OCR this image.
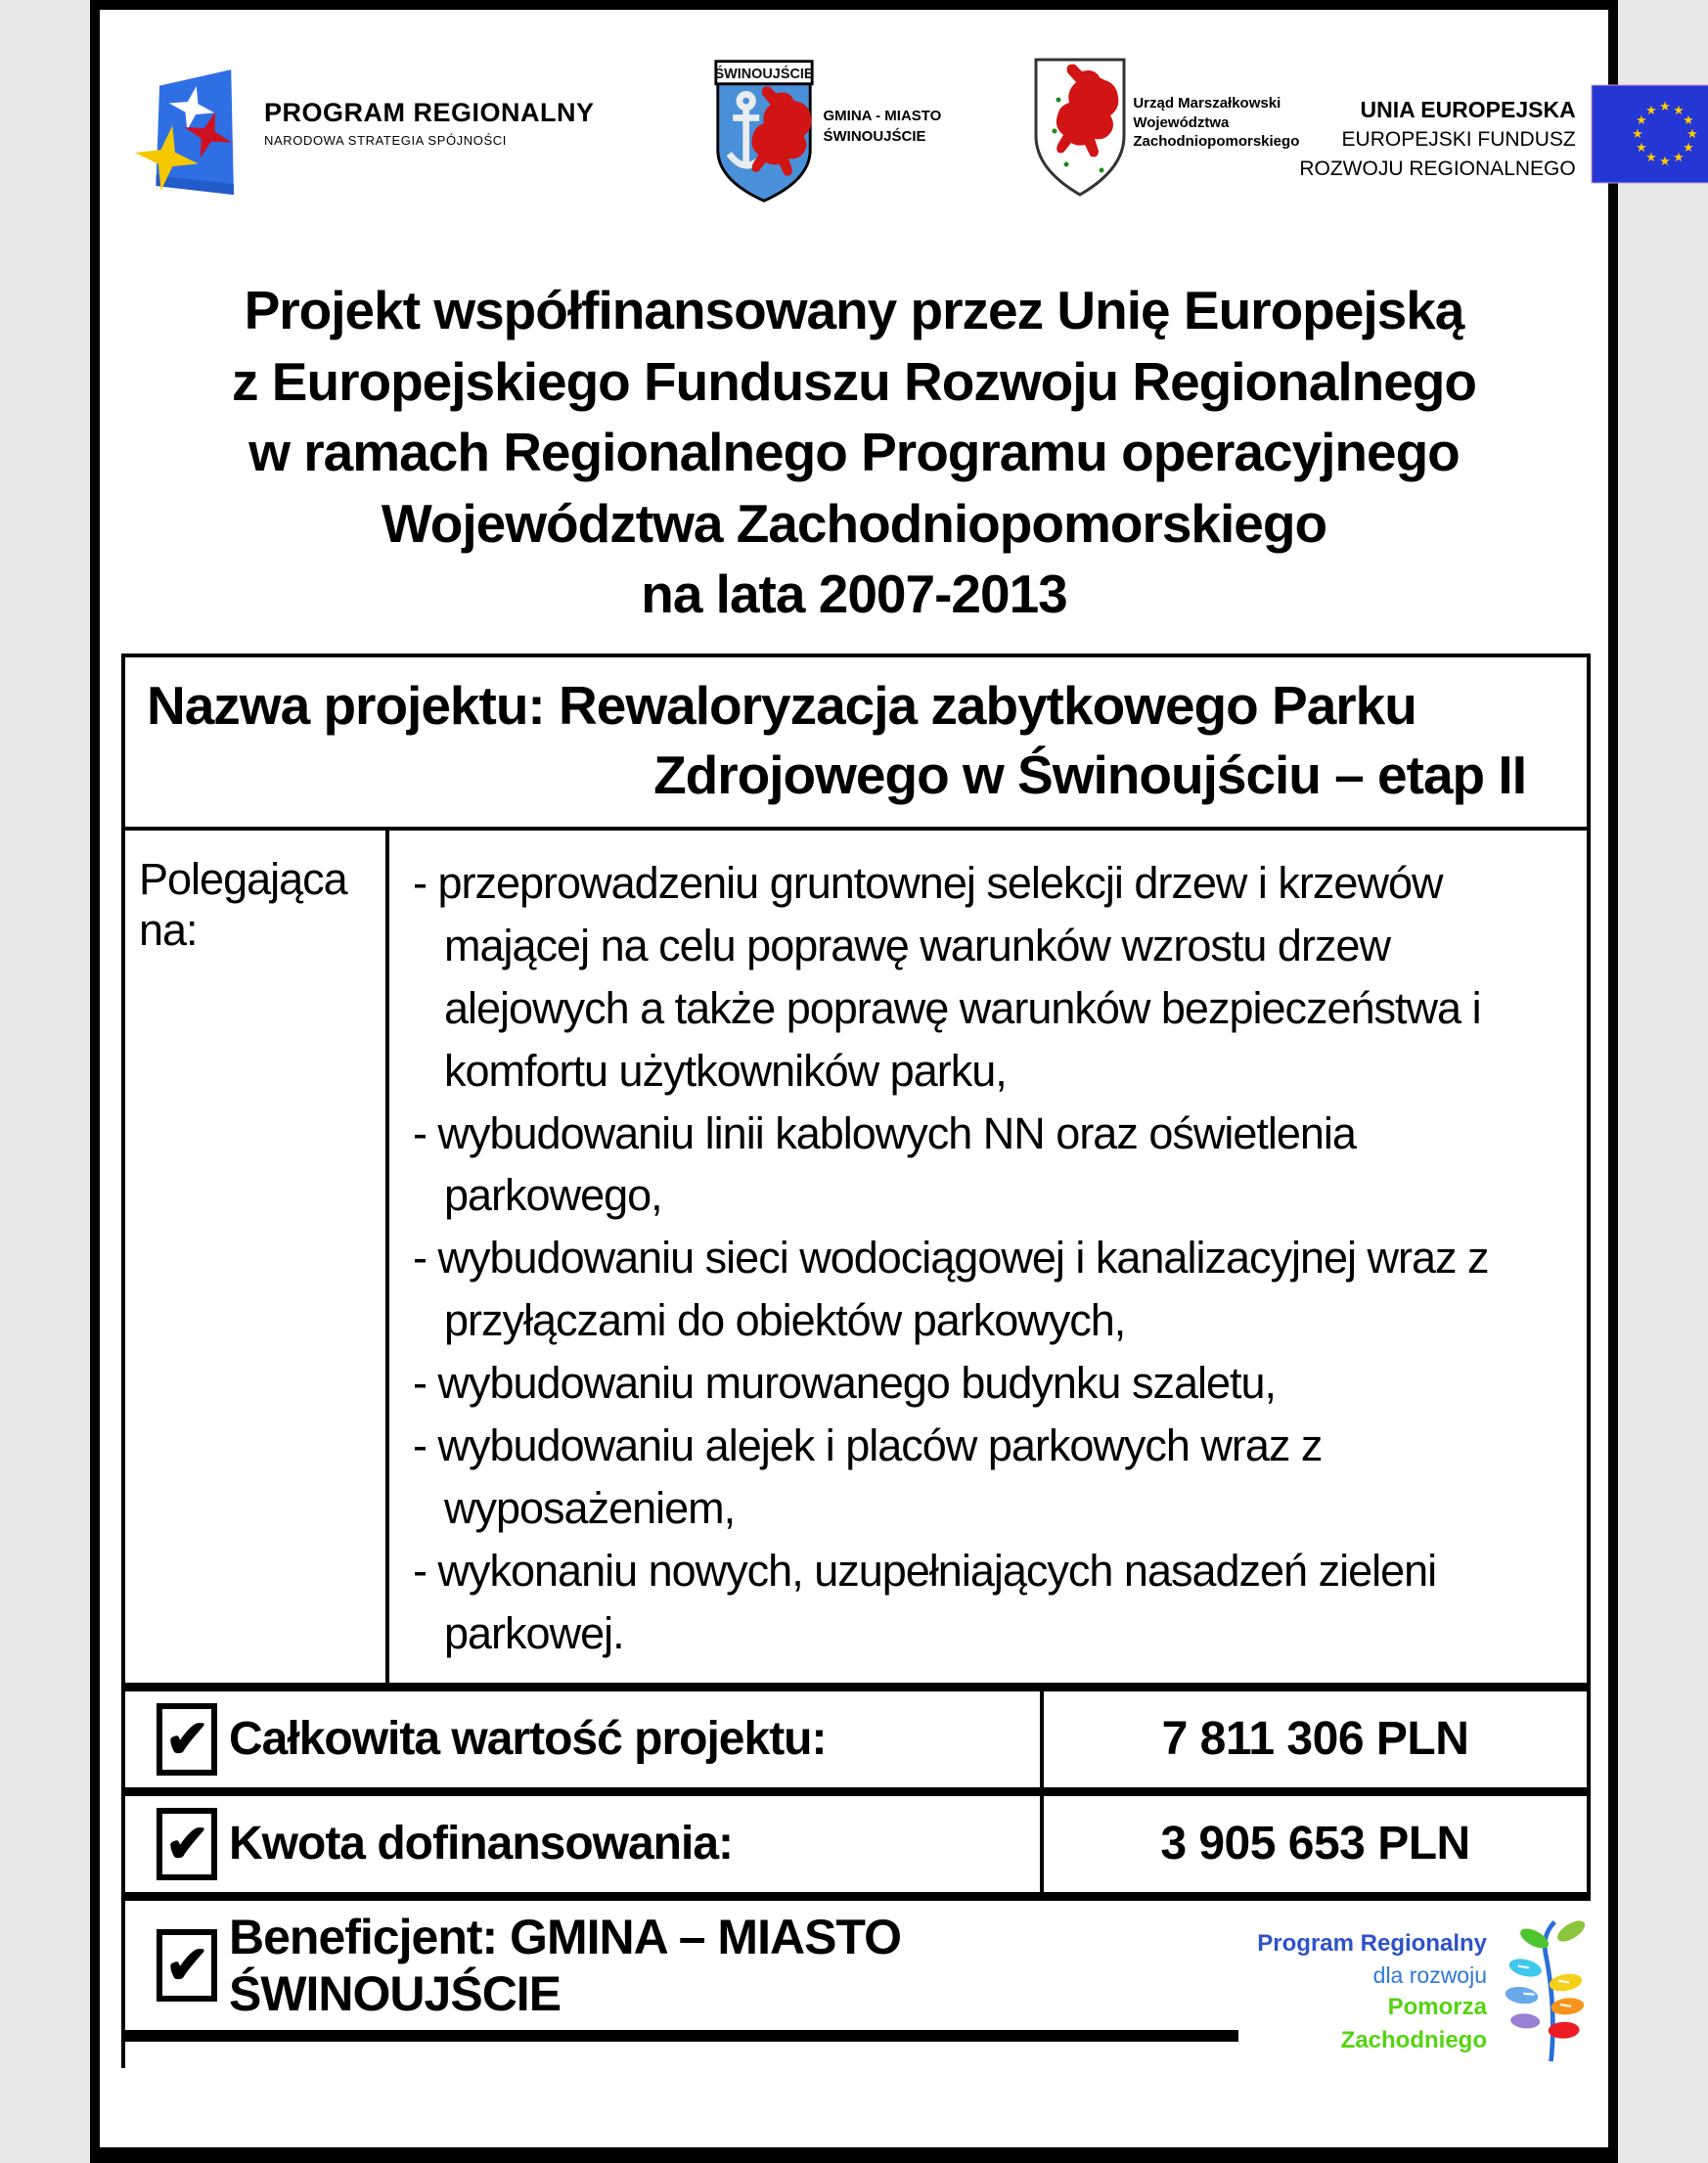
PROGRAM REGIONALNY
NARODOWA STRATEGIA SPÓJNOŚCI
ŚWINOUJŚCIE
GMINA - MIASTO
ŚWINOUJŚCIE
Urząd Marszałkowski
Województwa
Zachodniopomorskiego
UNIA EUROPEJSKA
EUROPEJSKI FUNDUSZ
ROZWOJU REGIONALNEGO
★ ★
★
★
★
★
★
★
★
★
★
★
Projekt współfinansowany przez Unię Europejską
z Europejskiego Funduszu Rozwoju Regionalnego
w ramach Regionalnego Programu operacyjnego
Województwa Zachodniopomorskiego
na lata 2007-2013
Nazwa projektu: Rewaloryzacja zabytkowego Parku
Zdrojowego w Świnoujściu – etap II
Polegająca na:
- przeprowadzeniu gruntownej selekcji drzew i krzewów mającej na celu poprawę warunków wzrostu drzew alejowych a także poprawę warunków bezpieczeństwa i komfortu użytkowników parku,
- wybudowaniu linii kablowych NN oraz oświetlenia parkowego,
- wybudowaniu sieci wodociągowej i kanalizacyjnej wraz z przyłączami do obiektów parkowych,
- wybudowaniu murowanego budynku szaletu,
- wybudowaniu alejek i placów parkowych wraz z wyposażeniem,
- wykonaniu nowych, uzupełniających nasadzeń zieleni parkowej.
✔ Całkowita wartość projektu:	7 811 306 PLN
✔ Kwota dofinansowania:	3 905 653 PLN
✔ Beneficjent: GMINA – MIASTO ŚWINOUJŚCIE
Program Regionalny
dla rozwoju
Pomorza Zachodniego
